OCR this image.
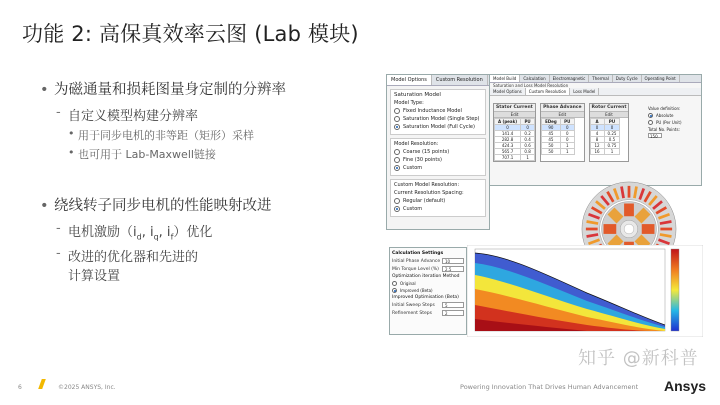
功能 2: 高保真效率云图 (Lab 模块)
• 为磁通量和损耗图量身定制的分辨率
- 自定义模型构建分辨率
• 用于同步电机的非等距（矩形）采样
• 也可用于 Lab-Maxwell链接
• 绕线转子同步电机的性能映射改进
- 电机激励（$i_d$, $i_q$, $i_f$）优化
- 改进的优化器和先进的
计算设置
Model Options	Custom Resolution
Saturation Model
Model Type:
Fixed Inductance Model
Saturation Model (Single Step)
Saturation Model (Full Cycle)
Model Resolution:
Coarse (15 points)
Fine (30 points)
Custom
Custom Model Resolution:
Current Resolution Spacing:
Regular (default)
Custom
Model Build	Calculation	Electromagnetic	Thermal	Duty Cycle	Operating Point
Saturation and Loss Model Resolution
Model Options	Custom Resolution	Loss Model
Stator Current
Edit
A (peak)	PU
0	0
141.4	0.2
282.8	0.4
424.3	0.6
565.7	0.8
707.1	1
Phase Advance
Edit
EDeg	PU
90	0
45	0
45	0
50	1
50	1
Rotor Current
Edit
A	PU
0	0
4	0.25
8	0.5
12	0.75
16	1
Value definition:
Absolute
PU (Per Unit)
Total No. Points:
150
Calculation Settings
Initial Phase Advance	10
Min Torque Level (%)	2.5
Optimization iteration Method
Original
Improved (Beta)
Improved Optimisation (Beta)
Initial Sweep Steps	5
Refinement Steps	2
6	©2025 ANSYS, Inc.	Powering Innovation That Drives Human Advancement
知乎 @新科普
Ansys
